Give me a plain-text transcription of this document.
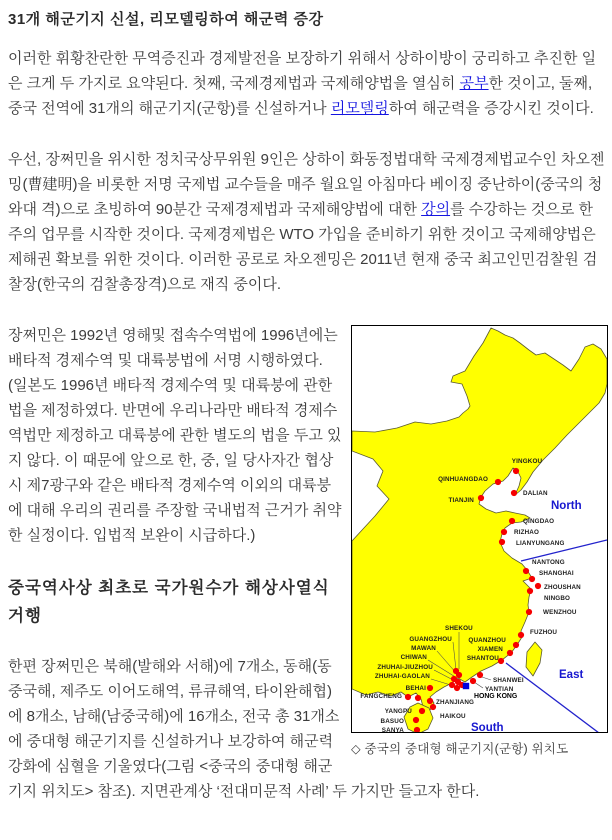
31개 해군기지 신설, 리모델링하여 해군력 증강

이러한 휘황찬란한 무역증진과 경제발전을 보장하기 위해서 상하이방이 궁리하고 추진한 일은 크게 두 가지로 요약된다. 첫째, 국제경제법과 국제해양법을 열심히 공부한 것이고, 둘째, 중국 전역에 31개의 해군기지(군항)를 신설하거나 리모델링하여 해군력을 증강시킨 것이다.

우선, 장쩌민을 위시한 정치국상무위원 9인은 상하이 화동정법대학 국제경제법교수인 차오젠밍(曹建明)을 비롯한 저명 국제법 교수들을 매주 월요일 아침마다 베이징 중난하이(중국의 청와대 격)으로 초빙하여 90분간 국제경제법과 국제해양법에 대한 강의를 수강하는 것으로 한 주의 업무를 시작한 것이다. 국제경제법은 WTO 가입을 준비하기 위한 것이고 국제해양법은 제해권 확보를 위한 것이다. 이러한 공로로 차오젠밍은 2011년 현재 중국 최고인민검찰원 검찰장(한국의 검찰총장격)으로 재직 중이다.

YINGKOU
QINHUANGDAO
DALIAN
TIANJIN
QINGDAO
RIZHAO
LIANYUNGANG
NANTONG
SHANGHAI
ZHOUSHAN
NINGBO
WENZHOU
FUZHOU
QUANZHOU
XIAMEN
SHANTOU
SHANWEI
YANTIAN
HONG KONG
SHEKOU
GUANGZHOU
MAWAN
CHIWAN
ZHUHAI-JIUZHOU
ZHUHAI-GAOLAN
BEHAI
FANGCHENG
ZHANJIANG
HAIKOU
YANGPU
BASUO
SANYA
North
East
South
◇ 중국의 중대형 해군기지(군항) 위치도

장쩌민은 1992년 영해및 접속수역법에 1996년에는 배타적 경제수역 및 대륙붕법에 서명 시행하였다. (일본도 1996년 배타적 경제수역 및 대륙붕에 관한 법을 제정하였다. 반면에 우리나라만 배타적 경제수역법만 제정하고 대륙붕에 관한 별도의 법을 두고 있지 않다. 이 때문에 앞으로 한, 중, 일 당사자간 협상 시 제7광구와 같은 배타적 경제수역 이외의 대륙붕에 대해 우리의 권리를 주장할 국내법적 근거가 취약한 실정이다. 입법적 보완이 시급하다.)

중국역사상 최초로 국가원수가 해상사열식 거행

한편 장쩌민은 북해(발해와 서해)에 7개소, 동해(동중국해, 제주도 이어도해역, 류큐해역, 타이완해협)에 8개소, 남해(남중국해)에 16개소, 전국 총 31개소에 중대형 해군기지를 신설하거나 보강하여 해군력 강화에 심혈을 기울였다(그림 <중국의 중대형 해군기지 위치도> 참조). 지면관계상 ‘전대미문적 사례’ 두 가지만 들고자 한다.
